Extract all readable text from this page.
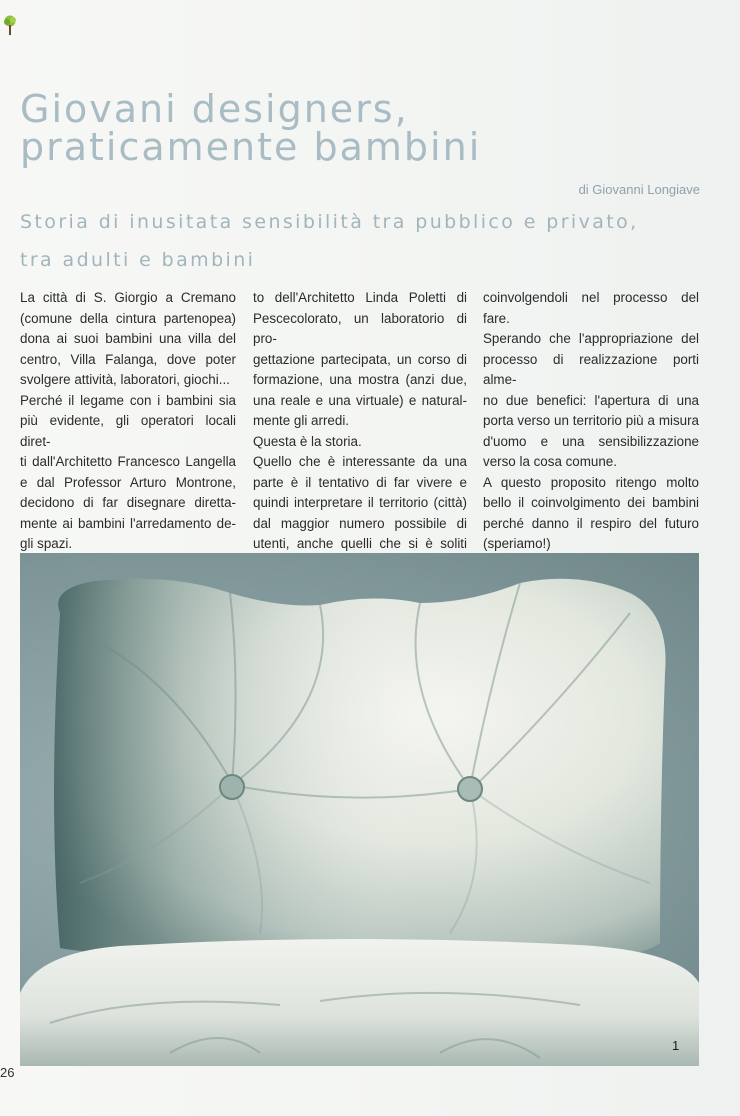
Giovani designers,
praticamente bambini
di Giovanni Longiave
Storia di inusitata sensibilità tra pubblico e privato,
tra adulti e bambini
La città di S. Giorgio a Cremano
(comune della cintura partenopea)
dona ai suoi bambini una villa del
centro, Villa Falanga, dove poter
svolgere attività, laboratori, giochi...
Perché il legame con i bambini sia
più evidente, gli operatori locali diret-
ti dall'Architetto Francesco Langella
e dal Professor Arturo Montrone,
decidono di far disegnare diretta-
mente ai bambini l'arredamento de-
gli spazi.
to dell'Architetto Linda Poletti di
Pescecolorato, un laboratorio di pro-
gettazione partecipata, un corso di
formazione, una mostra (anzi due,
una reale e una virtuale) e natural-
mente gli arredi.
Questa è la storia.
Quello che è interessante da una
parte è il tentativo di far vivere e
quindi interpretare il territorio (città)
dal maggior numero possibile di
utenti, anche quelli che si è soliti
coinvolgendoli nel processo del fare.
Sperando che l'appropriazione del
processo di realizzazione porti alme-
no due benefici: l'apertura di una
porta verso un territorio più a misura
d'uomo e una sensibilizzazione
verso la cosa comune.
A questo proposito ritengo molto
bello il coinvolgimento dei bambini
perché danno il respiro del futuro
(speriamo!)
1
26
